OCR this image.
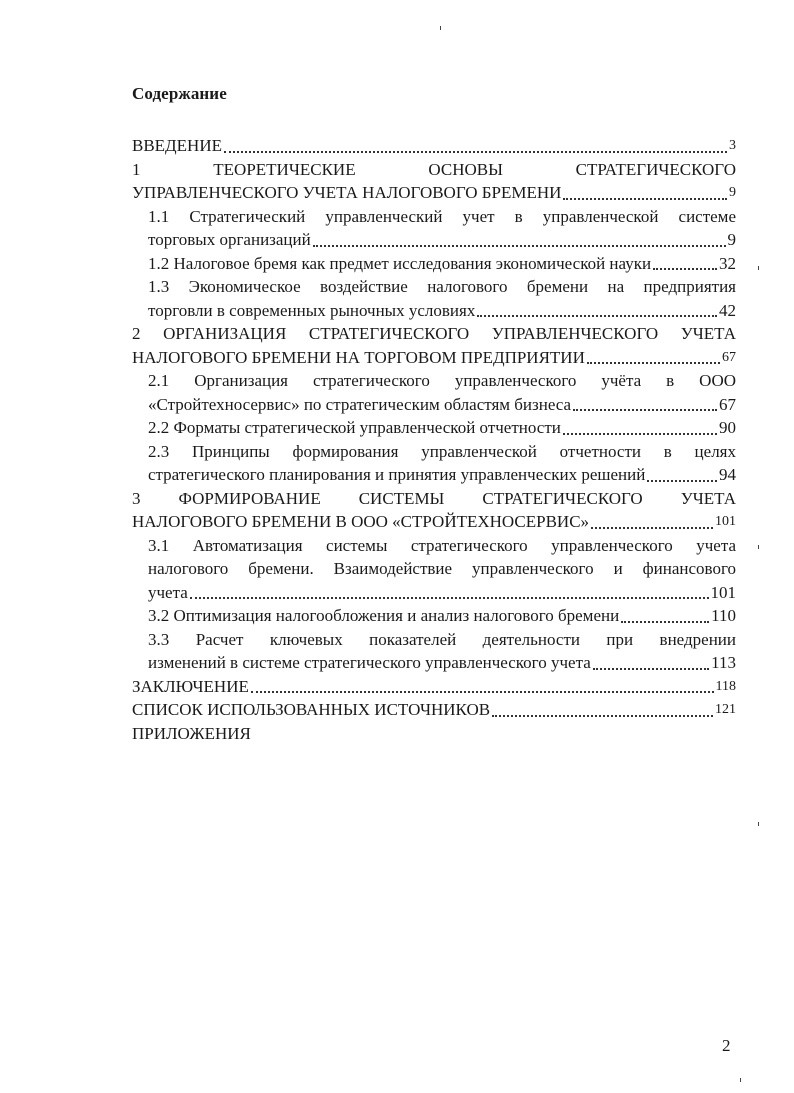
Содержание
ВВЕДЕНИЕ	3
1 ТЕОРЕТИЧЕСКИЕ ОСНОВЫ СТРАТЕГИЧЕСКОГО
УПРАВЛЕНЧЕСКОГО УЧЕТА НАЛОГОВОГО БРЕМЕНИ	9
1.1 Стратегический управленческий учет в управленческой системе
торговых организаций	9
1.2 Налоговое бремя как предмет исследования экономической науки	32
1.3 Экономическое воздействие налогового бремени на предприятия
торговли в современных рыночных условиях	42
2 ОРГАНИЗАЦИЯ СТРАТЕГИЧЕСКОГО УПРАВЛЕНЧЕСКОГО УЧЕТА
НАЛОГОВОГО БРЕМЕНИ НА ТОРГОВОМ ПРЕДПРИЯТИИ	67
2.1 Организация стратегического управленческого учёта в ООО
«Стройтехносервис» по стратегическим областям бизнеса	67
2.2 Форматы стратегической управленческой отчетности	90
2.3 Принципы формирования управленческой отчетности в целях
стратегического планирования и принятия управленческих решений	94
3 ФОРМИРОВАНИЕ СИСТЕМЫ СТРАТЕГИЧЕСКОГО УЧЕТА
НАЛОГОВОГО БРЕМЕНИ В ООО «СТРОЙТЕХНОСЕРВИС»	101
3.1 Автоматизация системы стратегического управленческого учета
налогового бремени. Взаимодействие управленческого и финансового
учета	101
3.2 Оптимизация налогообложения и анализ налогового бремени	110
3.3 Расчет ключевых показателей деятельности при внедрении
изменений в системе стратегического управленческого учета	113
ЗАКЛЮЧЕНИЕ	118
СПИСОК ИСПОЛЬЗОВАННЫХ ИСТОЧНИКОВ	121
ПРИЛОЖЕНИЯ
2
